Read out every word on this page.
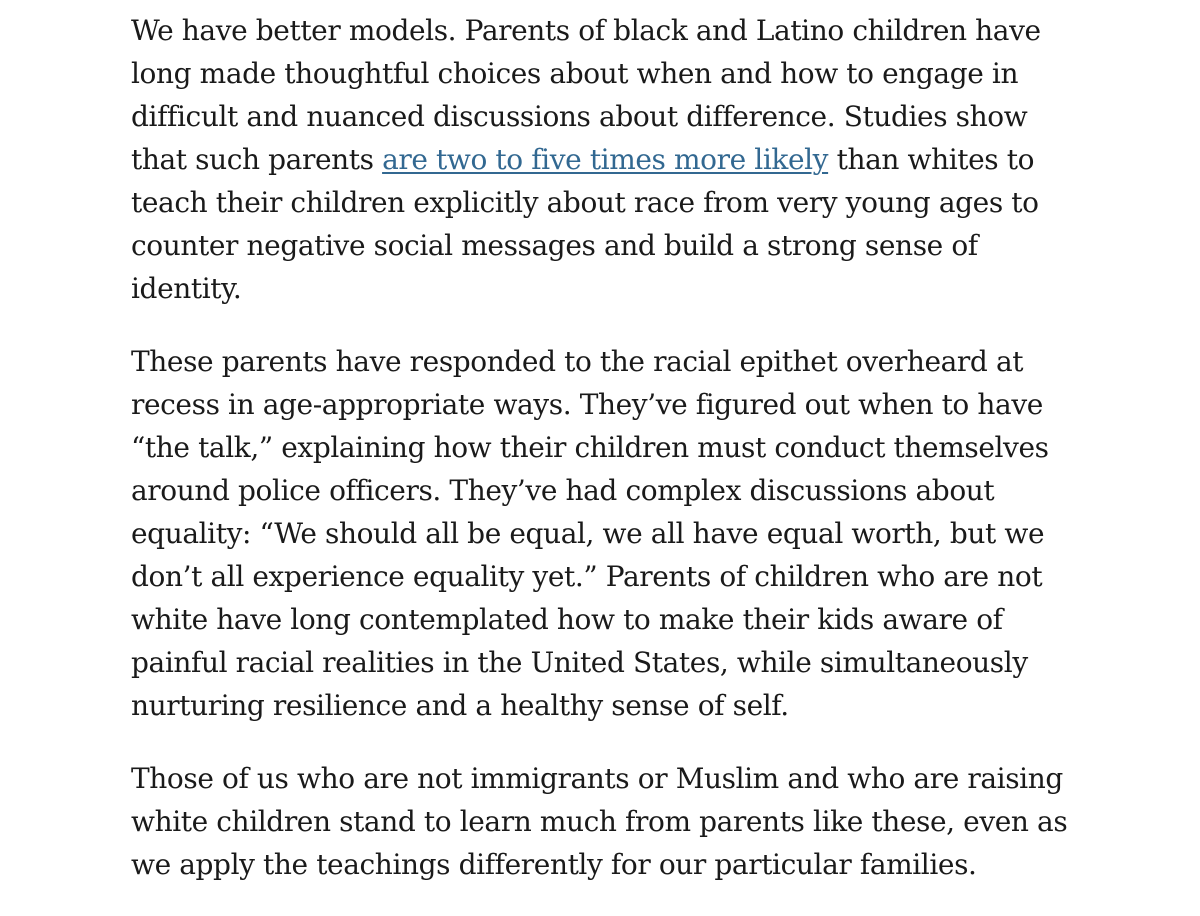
We have better models. Parents of black and Latino children have long made thoughtful choices about when and how to engage in difficult and nuanced discussions about difference. Studies show that such parents are two to five times more likely than whites to teach their children explicitly about race from very young ages to counter negative social messages and build a strong sense of identity.

These parents have responded to the racial epithet overheard at recess in age-appropriate ways. They’ve figured out when to have “the talk,” explaining how their children must conduct themselves around police officers. They’ve had complex discussions about equality: “We should all be equal, we all have equal worth, but we don’t all experience equality yet.” Parents of children who are not white have long contemplated how to make their kids aware of painful racial realities in the United States, while simultaneously nurturing resilience and a healthy sense of self.

Those of us who are not immigrants or Muslim and who are raising white children stand to learn much from parents like these, even as we apply the teachings differently for our particular families.
